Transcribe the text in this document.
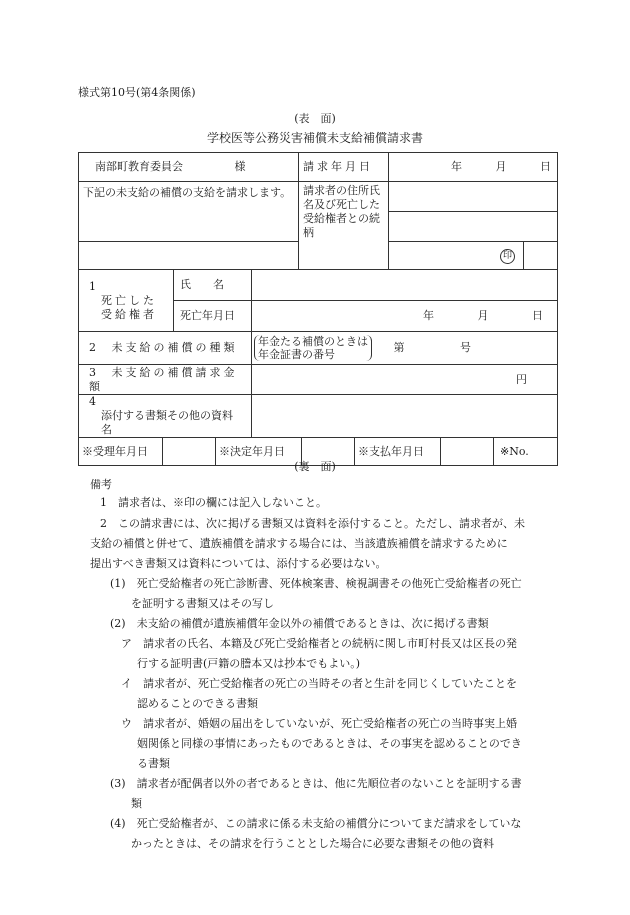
様式第10号(第4条関係)
(表　面)
学校医等公務災害補償未支給補償請求書
南部町教育委員会 様			請求年月日	年 月 日	
下記の未支給の補償の支給を請求します。			請求者の住所氏名及び死亡した受給権者との続柄		

				印	
1 死亡した受給権者	氏　　名				
	死亡年月日	年 月 日			
2 未支給の補償の種類		年金たる補償のときは
年金証書の番号 第 号			
3 未支給の補償請求金額		円			
4 添付する書類その他の資料名					

※受理年月日 ※決定年月日 ※支払年月日 ※No.					
(裏　面)
備考
1　請求者は、※印の欄には記入しないこと。
2　この請求書には、次に掲げる書類又は資料を添付すること。ただし、請求者が、未
支給の補償と併せて、遺族補償を請求する場合には、当該遺族補償を請求するために
提出すべき書類又は資料については、添付する必要はない。
(1)　死亡受給権者の死亡診断書、死体検案書、検視調書その他死亡受給権者の死亡
を証明する書類又はその写し
(2)　未支給の補償が遺族補償年金以外の補償であるときは、次に掲げる書類
ア　請求者の氏名、本籍及び死亡受給権者との続柄に関し市町村長又は区長の発
行する証明書(戸籍の謄本又は抄本でもよい。)
イ　請求者が、死亡受給権者の死亡の当時その者と生計を同じくしていたことを
認めることのできる書類
ウ　請求者が、婚姻の届出をしていないが、死亡受給権者の死亡の当時事実上婚
姻関係と同様の事情にあったものであるときは、その事実を認めることのでき
る書類
(3)　請求者が配偶者以外の者であるときは、他に先順位者のないことを証明する書
類
(4)　死亡受給権者が、この請求に係る未支給の補償分についてまだ請求をしていな
かったときは、その請求を行うこととした場合に必要な書類その他の資料
